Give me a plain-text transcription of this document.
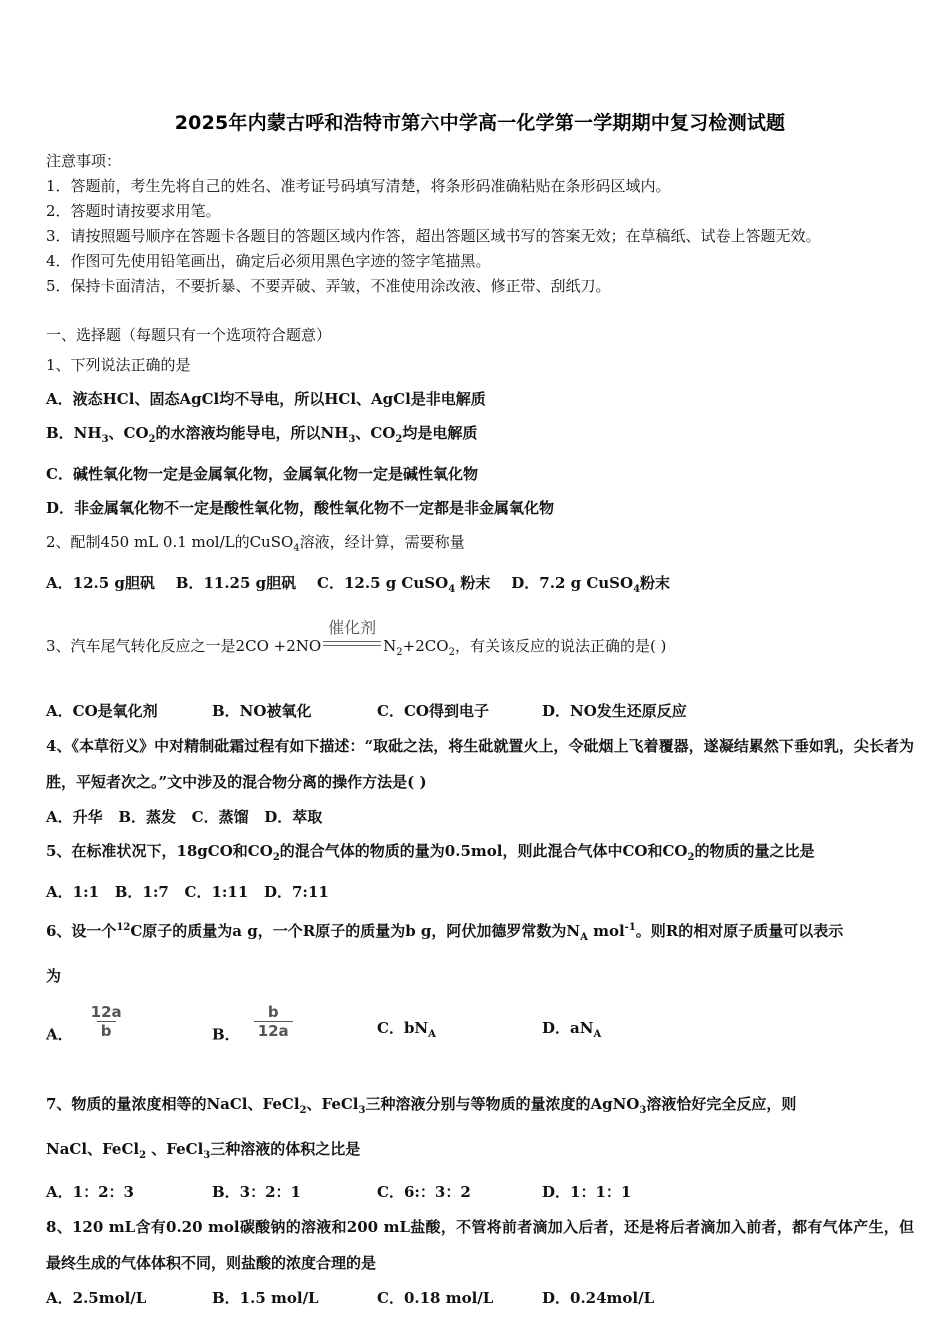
2025年内蒙古呼和浩特市第六中学高一化学第一学期期中复习检测试题
注意事项：
1．答题前，考生先将自己的姓名、准考证号码填写清楚，将条形码准确粘贴在条形码区域内。
2．答题时请按要求用笔。
3．请按照题号顺序在答题卡各题目的答题区域内作答，超出答题区域书写的答案无效；在草稿纸、试卷上答题无效。
4．作图可先使用铅笔画出，确定后必须用黑色字迹的签字笔描黑。
5．保持卡面清洁，不要折暴、不要弄破、弄皱，不准使用涂改液、修正带、刮纸刀。
一、选择题（每题只有一个选项符合题意）
1、下列说法正确的是
A．液态HCl、固态AgCl均不导电，所以HCl、AgCl是非电解质
B．$NH_3$、$CO_2$的水溶液均能导电，所以$NH_3$、$CO_2$均是电解质
C．碱性氧化物一定是金属氧化物，金属氧化物一定是碱性氧化物
D．非金属氧化物不一定是酸性氧化物，酸性氧化物不一定都是非金属氧化物
2、配制450 mL 0.1 mol/L的CuSO$_4$溶液，经计算，需要称量
A．12.5 g胆矾 B．11.25 g胆矾 C．12.5 g CuSO$_4$ 粉末 D．7.2 g CuSO$_4$粉末
3、汽车尾气转化反应之一是2CO +2NO
催化剂
$N_2+2CO_2$，有关该反应的说法正确的是( )
A．CO是氧化剂	B．NO被氧化	C．CO得到电子	D．NO发生还原反应
4、《本草衍义》中对精制砒霜过程有如下描述：“取砒之法，将生砒就置火上，令砒烟上飞着覆器，遂凝结累然下垂如乳，尖长者为胜，平短者次之。”文中涉及的混合物分离的操作方法是( )
A．升华 B．蒸发 C．蒸馏 D．萃取
5、在标准状况下，18gCO和$CO_2$的混合气体的物质的量为0.5mol，则此混合气体中CO和$CO_2$的物质的量之比是
A．1:1 B．1:7 C．1:11 D．7:11
6、设一个$^{12}$C原子的质量为a g，一个R原子的质量为b g，阿伏加德罗常数为$N_A$ mol$^{-1}$。则R的相对原子质量可以表示
为
A． $\frac{12a}{b}$	B． $\frac{b}{12a}$	C．$bN_A$	D．$aN_A$
7、物质的量浓度相等的NaCl、FeCl$_2$、FeCl$_3$三种溶液分别与等物质的量浓度的AgNO$_3$溶液恰好完全反应，则
NaCl、FeCl$_2$ 、FeCl$_3$三种溶液的体积之比是
A．1：2：3	B．3：2：1	C．6:：3：2	D．1：1：1
8、120 mL含有0.20 mol碳酸钠的溶液和200 mL盐酸，不管将前者滴加入后者，还是将后者滴加入前者，都有气体产生，但最终生成的气体体积不同，则盐酸的浓度合理的是
A．2.5mol/L	B．1.5 mol/L	C．0.18 mol/L	D．0.24mol/L
